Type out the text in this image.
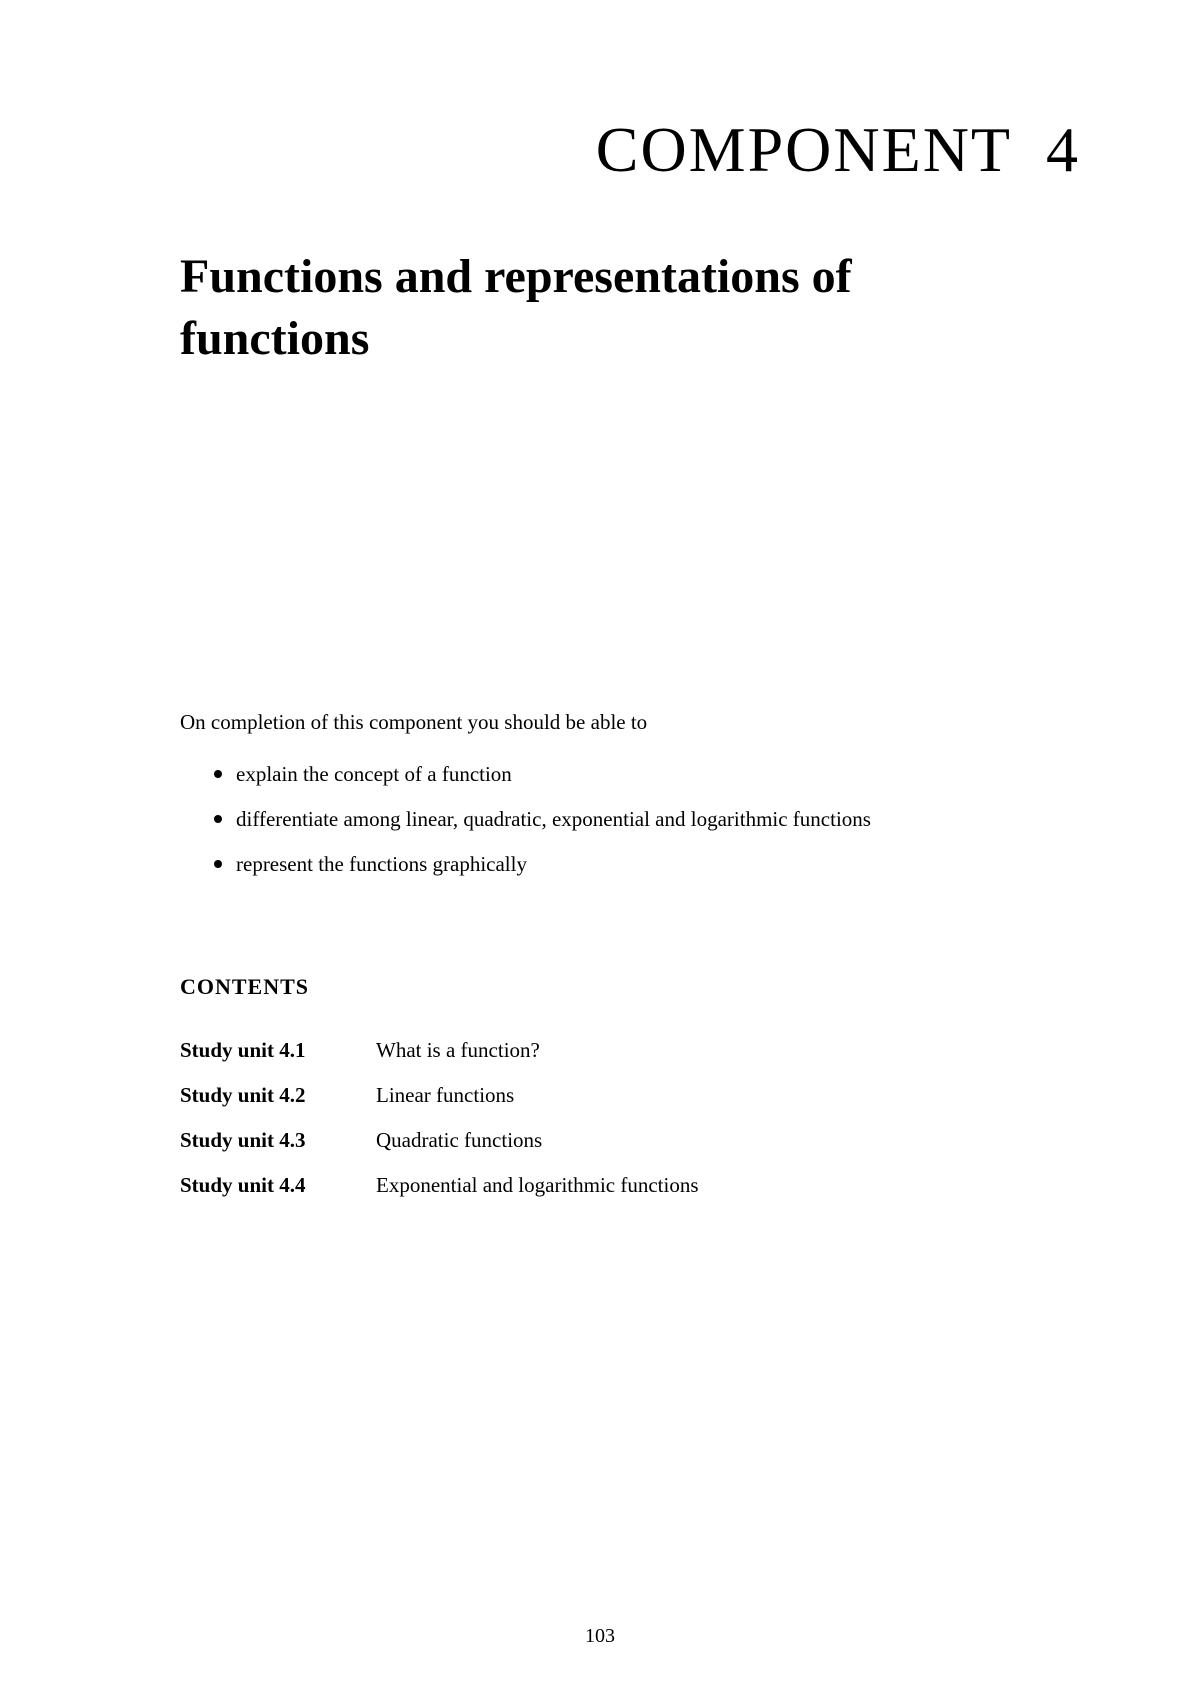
COMPONENT 4
Functions and representations of
functions
On completion of this component you should be able to
explain the concept of a function
differentiate among linear, quadratic, exponential and logarithmic functions
represent the functions graphically
CONTENTS
Study unit 4.1	What is a function?
Study unit 4.2	Linear functions
Study unit 4.3	Quadratic functions
Study unit 4.4	Exponential and logarithmic functions
103
